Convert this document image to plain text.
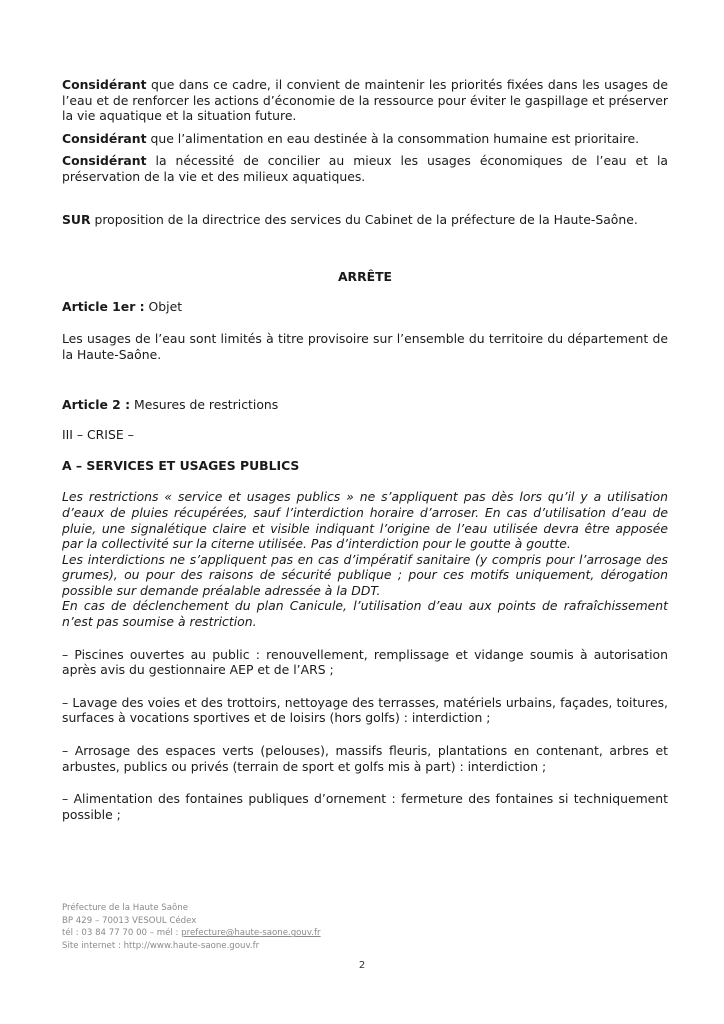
Considérant que dans ce cadre, il convient de maintenir les priorités fixées dans les usages de l’eau et de renforcer les actions d’économie de la ressource pour éviter le gaspillage et préserver la vie aquatique et la situation future.

Considérant que l’alimentation en eau destinée à la consommation humaine est prioritaire.

Considérant la nécessité de concilier au mieux les usages économiques de l’eau et la préservation de la vie et des milieux aquatiques.

SUR proposition de la directrice des services du Cabinet de la préfecture de la Haute-Saône.

ARRÊTE

Article 1er : Objet

Les usages de l’eau sont limités à titre provisoire sur l’ensemble du territoire du département de la Haute-Saône.

Article 2 : Mesures de restrictions

III – CRISE –

A – SERVICES ET USAGES PUBLICS

Les restrictions « service et usages publics » ne s’appliquent pas dès lors qu’il y a utilisation d’eaux de pluies récupérées, sauf l’interdiction horaire d’arroser. En cas d’utilisation d’eau de pluie, une signalétique claire et visible indiquant l’origine de l’eau utilisée devra être apposée par la collectivité sur la citerne utilisée. Pas d’interdiction pour le goutte à goutte.

Les interdictions ne s’appliquent pas en cas d’impératif sanitaire (y compris pour l’arrosage des grumes), ou pour des raisons de sécurité publique ; pour ces motifs uniquement, dérogation possible sur demande préalable adressée à la DDT.

En cas de déclenchement du plan Canicule, l’utilisation d’eau aux points de rafraîchissement n’est pas soumise à restriction.

– Piscines ouvertes au public : renouvellement, remplissage et vidange soumis à autorisation après avis du gestionnaire AEP et de l’ARS ;

– Lavage des voies et des trottoirs, nettoyage des terrasses, matériels urbains, façades, toitures, surfaces à vocations sportives et de loisirs (hors golfs) : interdiction ;

– Arrosage des espaces verts (pelouses), massifs fleuris, plantations en contenant, arbres et arbustes, publics ou privés (terrain de sport et golfs mis à part) : interdiction ;

– Alimentation des fontaines publiques d’ornement : fermeture des fontaines si techniquement possible ;

Préfecture de la Haute Saône
BP 429 – 70013 VESOUL Cédex
tél : 03 84 77 70 00 – mél : prefecture@haute-saone.gouv.fr
Site internet : http://www.haute-saone.gouv.fr
2
